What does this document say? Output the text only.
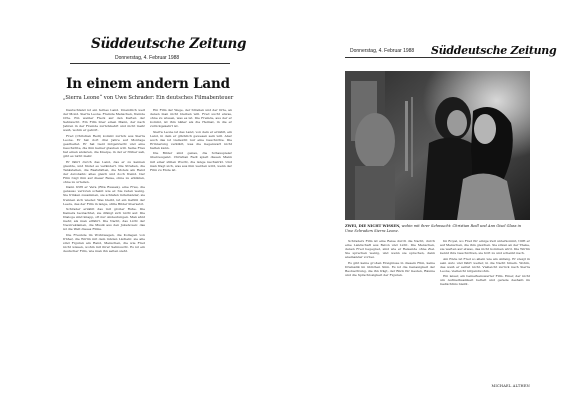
Süddeutsche Zeitung
Donnerstag, 4. Februar 1988
In einem andern Land
„Sierra Leone“ von Uwe Schrader: Ein deutsches Filmabenteuer

Deutschland ist ein fernes Land. Unendlich weit der Mond. Sierra Leone. Fremde Menschen, fremde Orte. Ein weißer Fleck auf den Karten der Sehnsucht. Ein Film über einen Mann, der nach Jahren in der Fremde zurückkehrt und nicht mehr weiß, wohin er gehört.

Fred (Christian Redl) kommt zurück aus Sierra Leone. Er hat dort drei Jahre auf Montage gearbeitet. Er hat Geld mitgebracht und eine Geschichte, die ihm keiner glauben will. Seine Frau hat einen anderen, die Kneipe, in der er früher saß, gibt es nicht mehr.

Er fährt durch das Land, das er zu kennen glaubte, und findet es verändert. Die Straßen, die Tankstellen, die Raststätten, die Motels am Rand der Autobahn: alles gleich und doch fremd. Der Film folgt ihm auf dieser Reise, ohne zu erklären, ohne zu urteilen.

Dann trifft er Vera (Rita Russek), eine Frau, die genauso verloren scheint wie er. Sie reden wenig. Sie trinken zusammen, sie schlafen miteinander, sie trennen sich wieder. Was bleibt, ist ein Gefühl der Leere, das der Film in lange, stille Bilder übersetzt.

Schrader erzählt das mit großer Ruhe. Die Kamera beobachtet, sie drängt sich nicht auf. Die Dialoge sind knapp, oft nur Andeutungen. Man ahnt mehr, als man erfährt. Die Nacht, das Licht der Neonreklamen, die Musik aus den Jukeboxen: das ist die Welt dieses Films.

Die Freunde im Wohnwagen, die Kollegen von früher, die Wirtin mit dem müden Lächeln: sie alle sind Figuren am Rand, Menschen, die wie Fred nicht wissen, wohin mit ihrer Sehnsucht. Es ist ein deutscher Film, wie man ihn selten sieht.

Ein Film der Wege, der Straßen und der Orte, an denen man nicht bleiben will. Fred sucht etwas, ohne zu wissen, was es ist. Die Fremde, aus der er kommt, ist ihm näher als die Heimat, in die er zurückgekehrt ist.

Sierra Leone ist das Land, von dem er erzählt, ein Land, in dem er glücklich gewesen sein will. Aber auch das ist vielleicht nur eine Geschichte. Die Erinnerung verklärt, was die Gegenwart nicht halten kann.

Die Bilder sind genau, die Schauspieler überzeugend. Christian Redl spielt diesen Mann mit einer stillen Wucht, die lange nachwirkt. Und man fragt sich, was aus ihm werden wird, wenn der Film zu Ende ist.

Donnerstag, 4. Februar 1988 Süddeutsche Zeitung
ZWEI, DIE NICHT WISSEN, wohin mit ihrer Sehnsucht: Christian Redl und Ann Gisel Glass in Uwe Schraders Sierra Leone.

Schraders Film ist eine Reise durch die Nacht, durch eine Landschaft aus Beton und Licht. Die Menschen, denen Fred begegnet, sind wie er Reisende ohne Ziel. Sie sprechen wenig, und wenn sie sprechen, dann aneinander vorbei.

Es gibt keine großen Ereignisse in diesem Film, keine Dramatik im üblichen Sinn. Es ist die Genauigkeit der Beobachtung, die ihn trägt, der Blick für Gesten, Räume und die Sprachlosigkeit der Figuren.

Im Royal, wo Fred für einige Zeit unterkommt, trifft er auf Menschen, die ihm gleichen. Sie sitzen an der Theke, sie warten auf etwas, das nicht kommen wird. Die Wirtin kennt ihre Geschichten, sie hört zu und schenkt nach.

Am Ende ist Fred so allein wie am Anfang. Er steigt in sein Auto und fährt weiter, in die Nacht hinein. Wohin, das weiß er selbst nicht. Vielleicht zurück nach Sierra Leone, vielleicht nirgendwohin.

Ein leiser, ein bemerkenswerter Film. Einer, der nicht um Aufmerksamkeit bettelt und gerade deshalb im Gedächtnis bleibt.

MICHAEL ALTHEN
